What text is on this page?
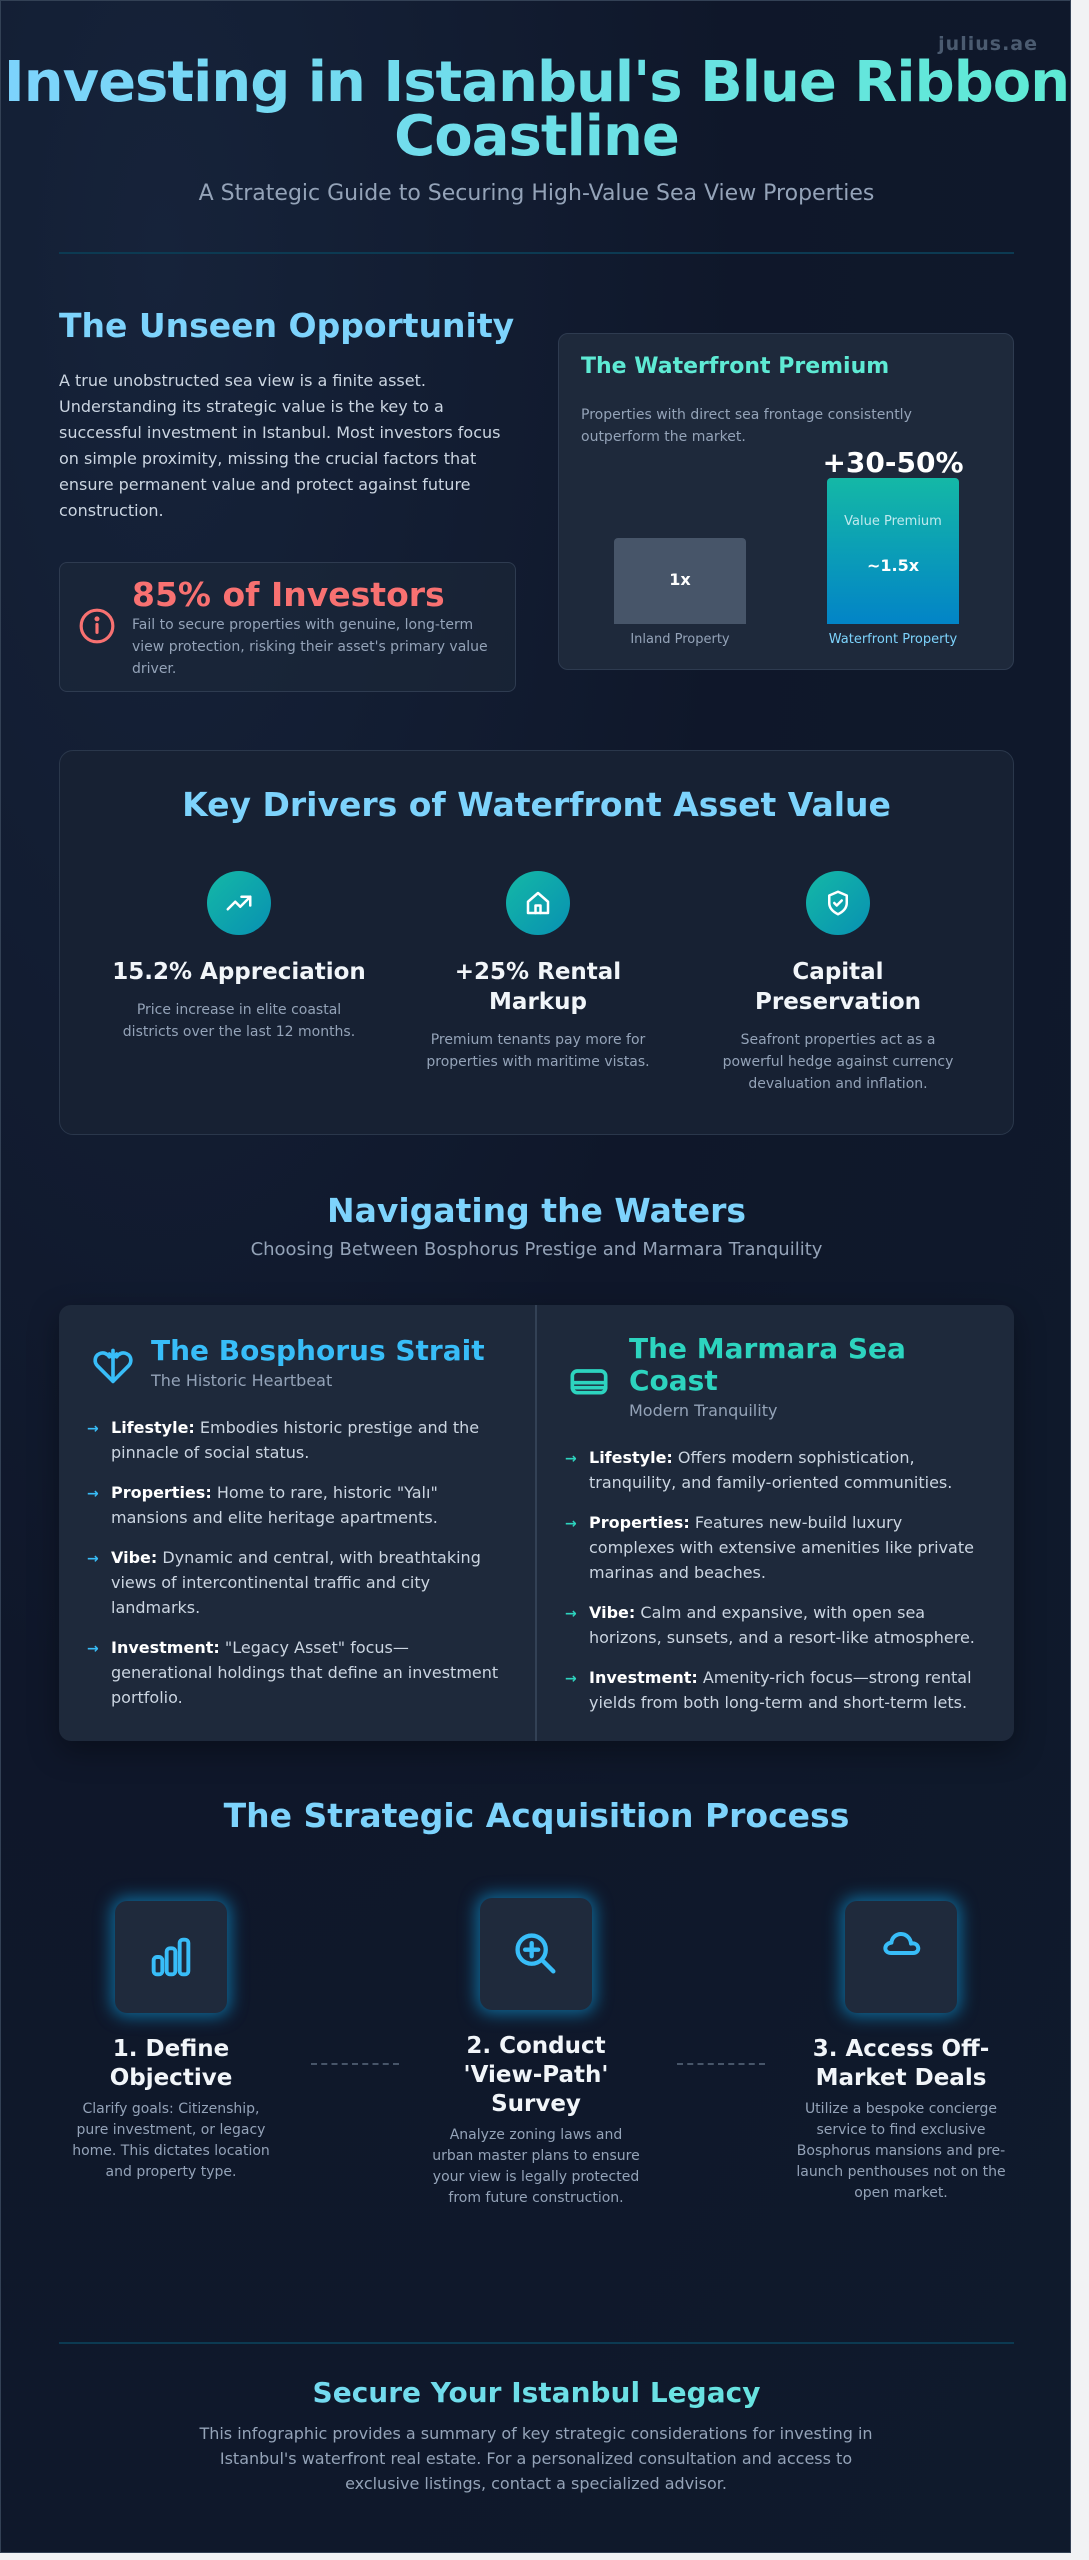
julius.ae
Investing in Istanbul's Blue Ribbon Coastline
A Strategic Guide to Securing High-Value Sea View Properties
The Unseen Opportunity

A true unobstructed sea view is a finite asset. Understanding its strategic value is the key to a successful investment in Istanbul. Most investors focus on simple proximity, missing the crucial factors that ensure permanent value and protect against future construction.

85% of Investors
Fail to secure properties with genuine, long-term view protection, risking their asset's primary value driver.
The Waterfront Premium
Properties with direct sea frontage consistently outperform the market.
1x
Inland Property
~1.5x
+30-50%
Value Premium
Waterfront Property
Key Drivers of Waterfront Asset Value
15.2% Appreciation
Price increase in elite coastal districts over the last 12 months.
+25% Rental Markup
Premium tenants pay more for properties with maritime vistas.
Capital Preservation
Seafront properties act as a powerful hedge against currency devaluation and inflation.
Navigating the Waters
Choosing Between Bosphorus Prestige and Marmara Tranquility
The Bosphorus Strait
The Historic Heartbeat
→ Lifestyle: Embodies historic prestige and the pinnacle of social status.
→ Properties: Home to rare, historic "Yalı" mansions and elite heritage apartments.
→ Vibe: Dynamic and central, with breathtaking views of intercontinental traffic and city landmarks.
→ Investment: "Legacy Asset" focus—generational holdings that define an investment portfolio.
The Marmara Sea Coast
Modern Tranquility
→ Lifestyle: Offers modern sophistication, tranquility, and family-oriented communities.
→ Properties: Features new-build luxury complexes with extensive amenities like private marinas and beaches.
→ Vibe: Calm and expansive, with open sea horizons, sunsets, and a resort-like atmosphere.
→ Investment: Amenity-rich focus—strong rental yields from both long-term and short-term lets.
The Strategic Acquisition Process
1. Define Objective
Clarify goals: Citizenship, pure investment, or legacy home. This dictates location and property type.
2. Conduct 'View-Path' Survey
Analyze zoning laws and urban master plans to ensure your view is legally protected from future construction.
3. Access Off-Market Deals
Utilize a bespoke concierge service to find exclusive Bosphorus mansions and pre-launch penthouses not on the open market.
Secure Your Istanbul Legacy

This infographic provides a summary of key strategic considerations for investing in Istanbul's waterfront real estate. For a personalized consultation and access to exclusive listings, contact a specialized advisor.
